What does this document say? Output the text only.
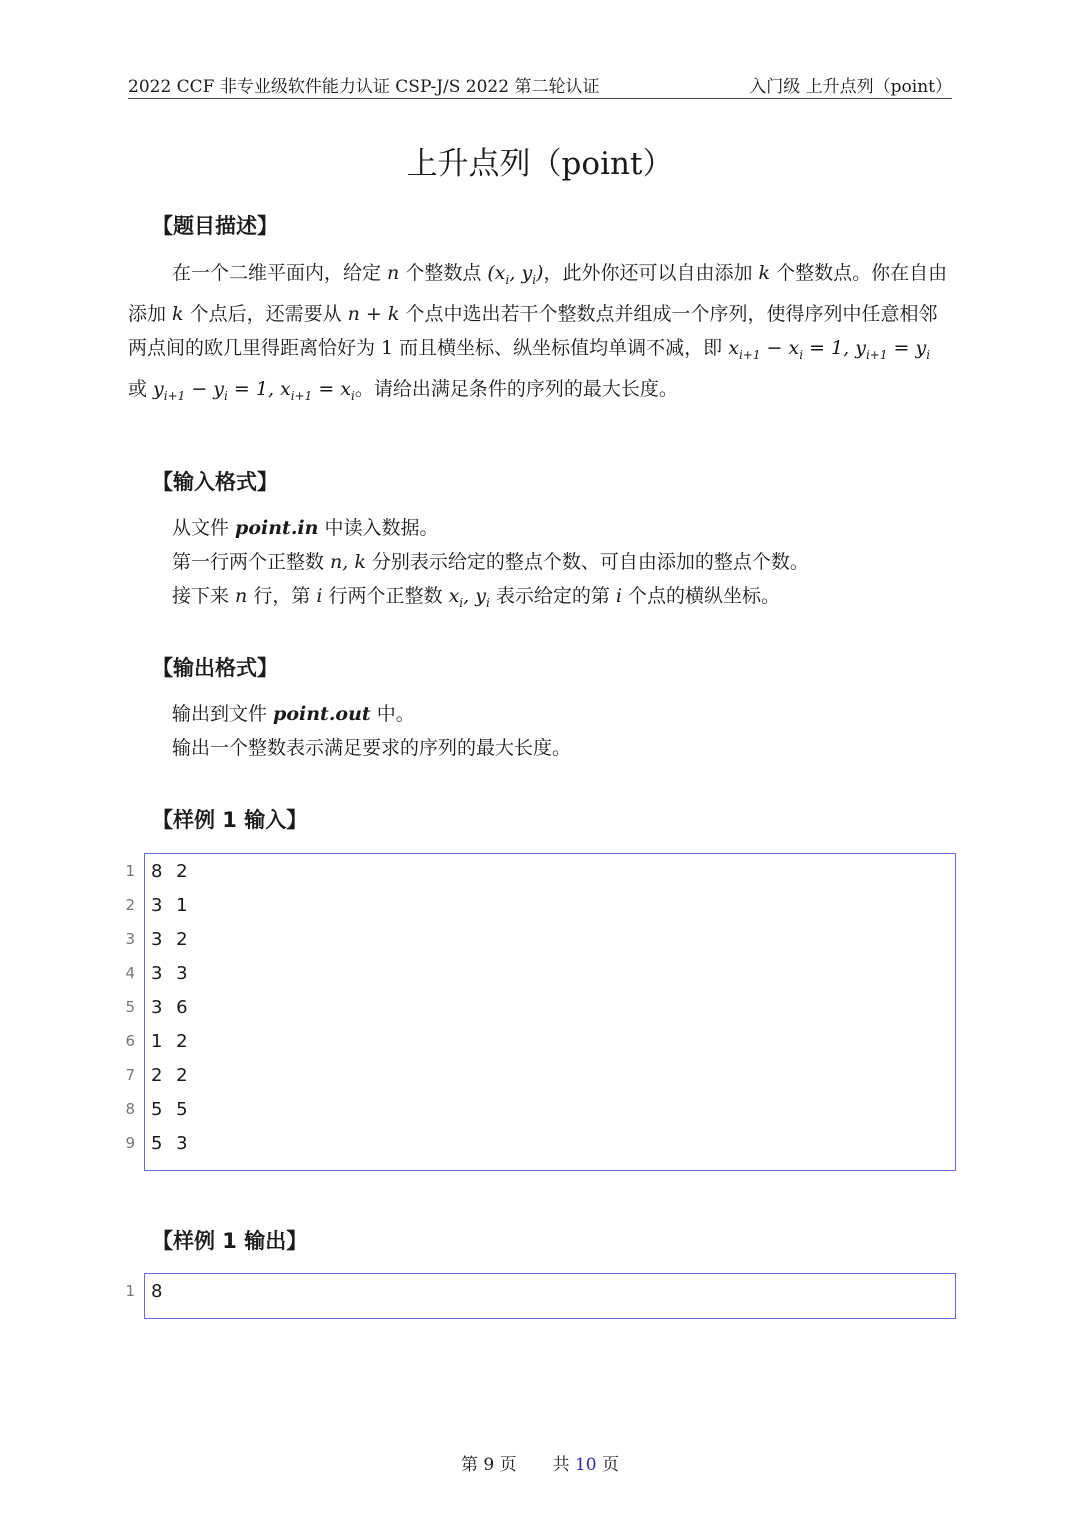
2022 CCF 非专业级软件能力认证 CSP-J/S 2022 第二轮认证	入门级 上升点列（point）
上升点列（point）
【题目描述】

在一个二维平面内，给定 n 个整数点 ($x_i$, $y_i$)，此外你还可以自由添加 k 个整数点。你在自由添加 k 个点后，还需要从 n + k 个点中选出若干个整数点并组成一个序列，使得序列中任意相邻两点间的欧几里得距离恰好为 1 而且横坐标、纵坐标值均单调不减，即 $x_{i+1} - x_i = 1$, $y_{i+1} = y_i$ 或 $y_{i+1} - y_i = 1$, $x_{i+1} = x_i$。请给出满足条件的序列的最大长度。

【输入格式】
从文件 point.in 中读入数据。
第一行两个正整数 n, k 分别表示给定的整点个数、可自由添加的整点个数。
接下来 n 行，第 i 行两个正整数 $x_i$, $y_i$ 表示给定的第 i 个点的横纵坐标。
【输出格式】
输出到文件 point.out 中。
输出一个整数表示满足要求的序列的最大长度。
【样例 1 输入】
1 8 2
2 3 1
3 3 2
4 3 3
5 3 6
6 1 2
7 2 2
8 5 5
9 5 3
【样例 1 输出】
1 8
第 9 页 共 10 页
